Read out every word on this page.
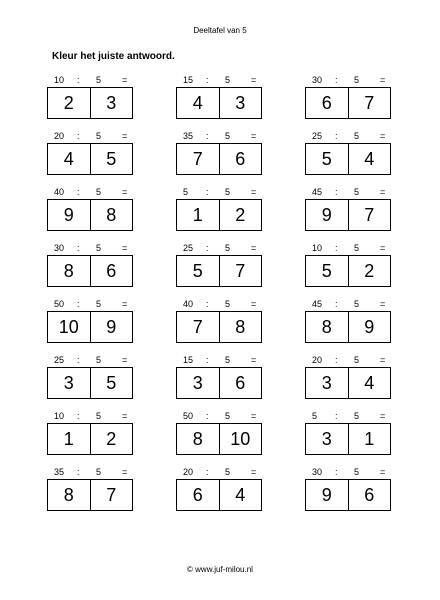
Deeltafel van 5
Kleur het juiste antwoord.
10 : 5 =
2	3
15 : 5 =
4	3
30 : 5 =
6	7
20 : 5 =
4	5
35 : 5 =
7	6
25 : 5 =
5	4
40 : 5 =
9	8
5 : 5 =
1	2
45 : 5 =
9	7
30 : 5 =
8	6
25 : 5 =
5	7
10 : 5 =
5	2
50 : 5 =
10	9
40 : 5 =
7	8
45 : 5 =
8	9
25 : 5 =
3	5
15 : 5 =
3	6
20 : 5 =
3	4
10 : 5 =
1	2
50 : 5 =
8	10
5 : 5 =
3	1
35 : 5 =
8	7
20 : 5 =
6	4
30 : 5 =
9	6
© www.juf-milou.nl
